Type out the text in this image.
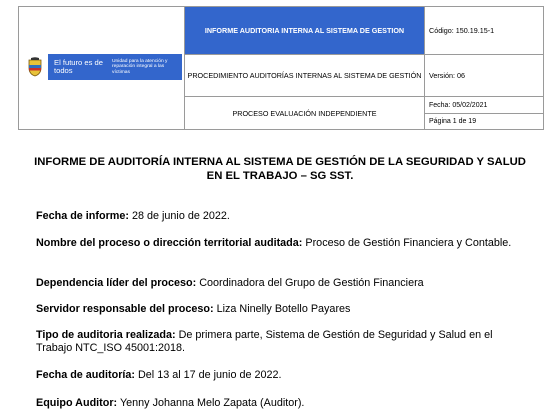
El futuro es de todos
Unidad para la atención y reparación integral a las víctimas	INFORME AUDITORIA INTERNA AL SISTEMA DE GESTION	Código: 150.19.15-1
	PROCEDIMIENTO AUDITORÍAS INTERNAS AL SISTEMA DE GESTIÓN	Versión: 06
	PROCESO EVALUACIÓN INDEPENDIENTE	Fecha: 05/02/2021
Página 1 de 19
INFORME DE AUDITORÍA INTERNA AL SISTEMA DE GESTIÓN DE LA SEGURIDAD Y SALUD EN EL TRABAJO – SG SST.
Fecha de informe: 28 de junio de 2022.
Nombre del proceso o dirección territorial auditada: Proceso de Gestión Financiera y Contable.
Dependencia líder del proceso: Coordinadora del Grupo de Gestión Financiera
Servidor responsable del proceso: Liza Ninelly Botello Payares
Tipo de auditoria realizada: De primera parte, Sistema de Gestión de Seguridad y Salud en el Trabajo NTC_ISO 45001:2018.
Fecha de auditoría: Del 13 al 17 de junio de 2022.
Equipo Auditor: Yenny Johanna Melo Zapata (Auditor).
